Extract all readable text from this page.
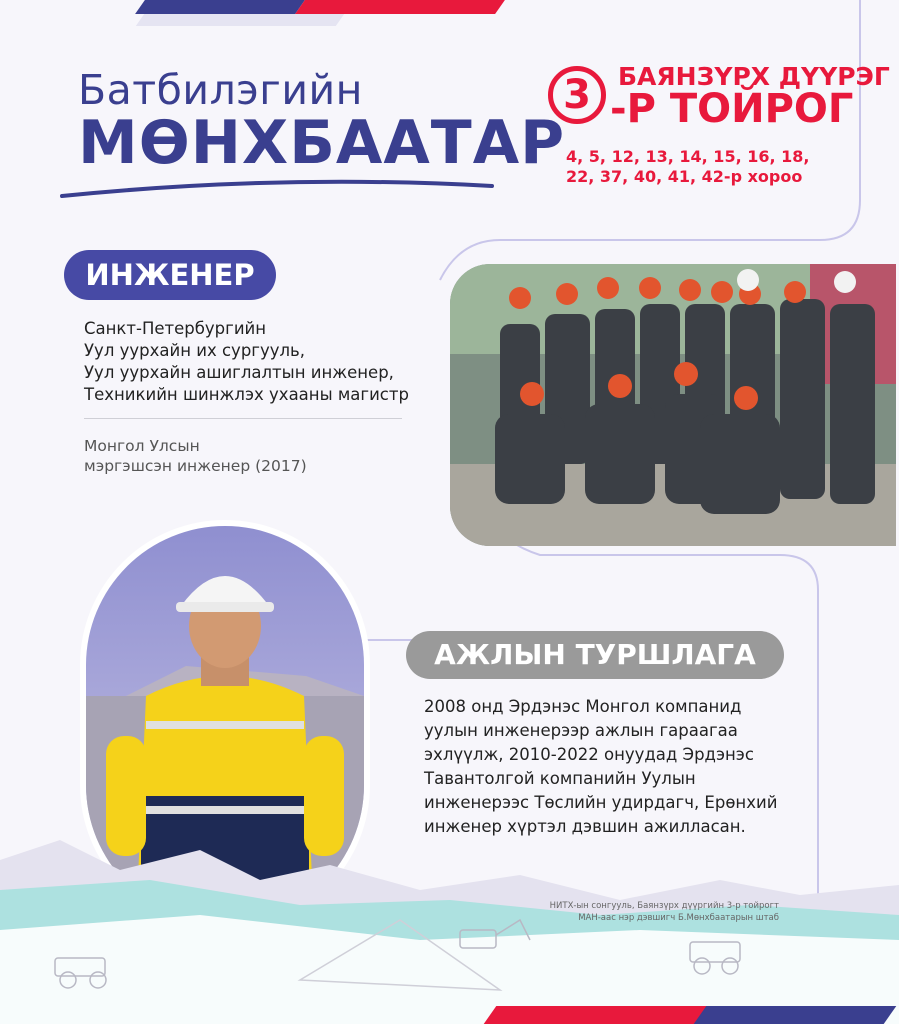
Батбилэгийн
МӨНХБААТАР
3	БАЯНЗҮРХ ДҮҮРЭГ
-Р ТОЙРОГ
4, 5, 12, 13, 14, 15, 16, 18, 22, 37, 40, 41, 42-р хороо
ИНЖЕНЕР
Санкт-Петербургийн
Уул уурхайн их сургууль,
Уул уурхайн ашиглалтын инженер,
Техникийн шинжлэх ухааны магистр
Монгол Улсын
мэргэшсэн инженер (2017)
АЖЛЫН ТУРШЛАГА
2008 онд Эрдэнэс Монгол компанид
уулын инженерээр ажлын гараагаа
эхлүүлж, 2010-2022 онуудад Эрдэнэс
Тавантолгой компанийн Уулын
инженерээс Төслийн удирдагч, Ерөнхий
инженер хүртэл дэвшин ажилласан.
НИТХ-ын сонгууль, Баянзүрх дүүргийн 3-р тойрогт
МАН-аас нэр дэвшигч Б.Мөнхбаатарын штаб
